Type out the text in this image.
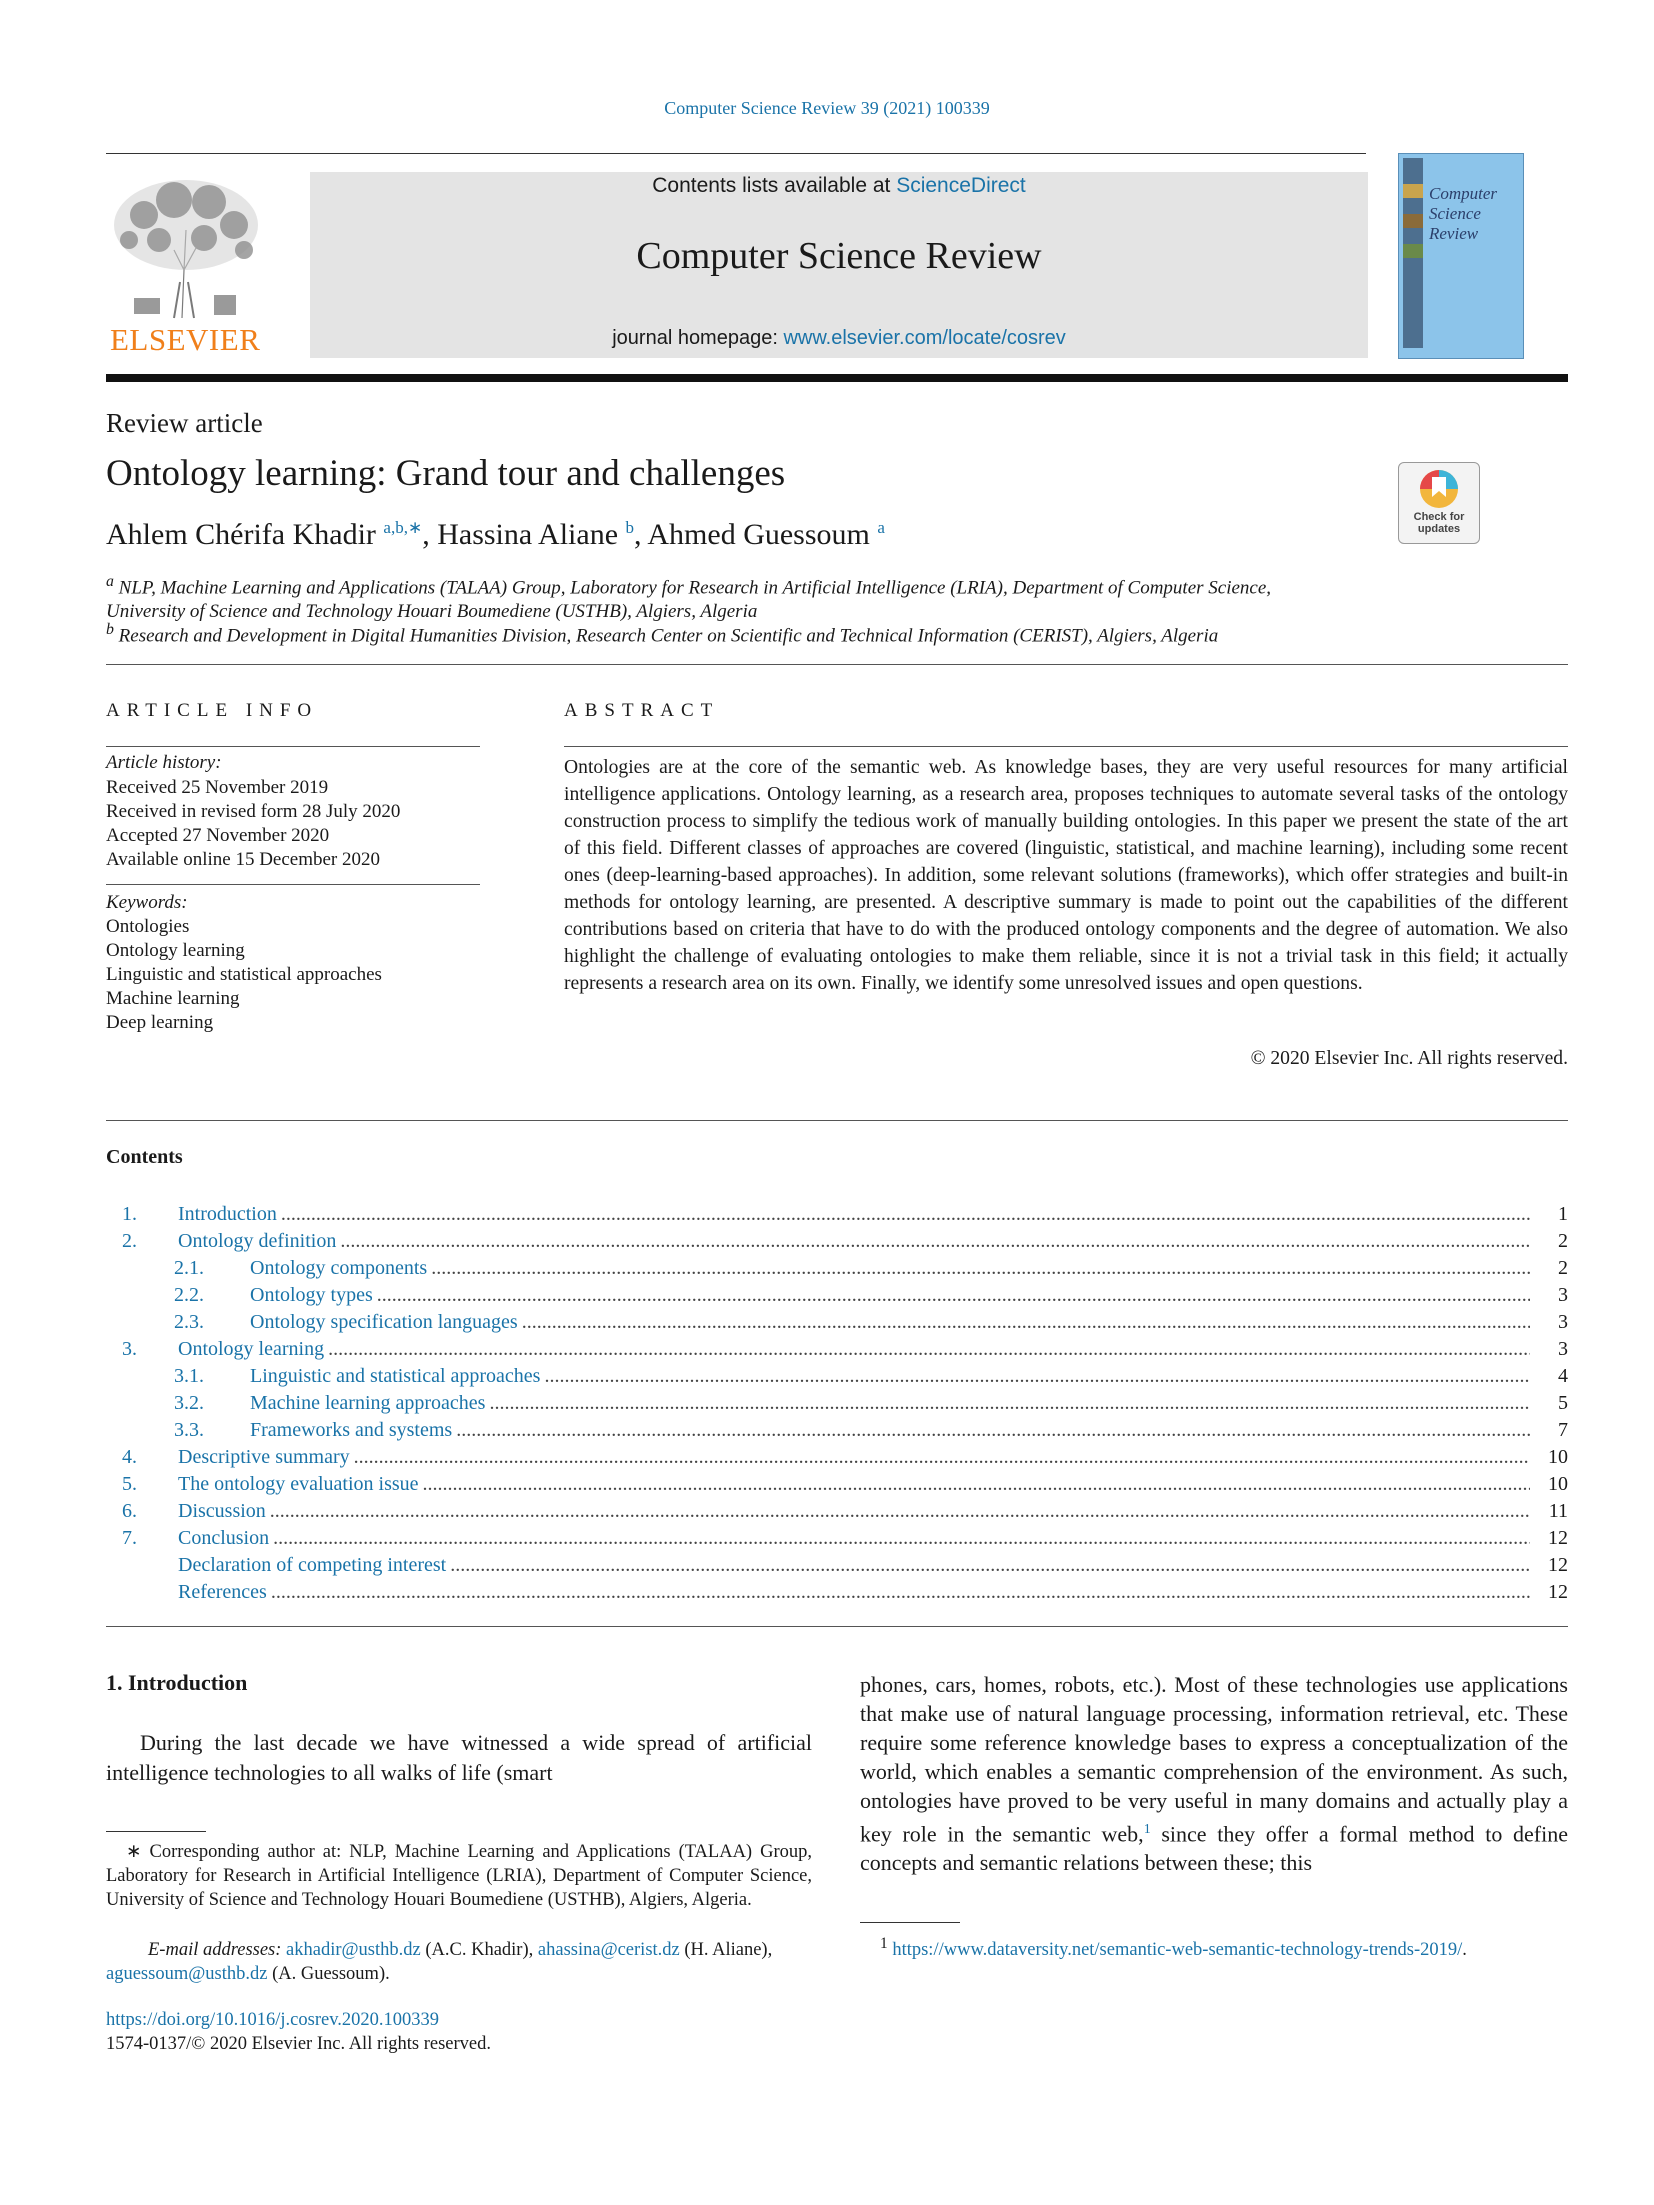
Computer Science Review 39 (2021) 100339
ELSEVIER
Contents lists available at ScienceDirect
Computer Science Review
journal homepage: www.elsevier.com/locate/cosrev
Computer
Science
Review
Review article
Ontology learning: Grand tour and challenges
Ahlem Chérifa Khadir $^{a,b,∗}$, Hassina Aliane $^b$, Ahmed Guessoum $^a$
Check for updates
$^a$ NLP, Machine Learning and Applications (TALAA) Group, Laboratory for Research in Artificial Intelligence (LRIA), Department of Computer Science,
University of Science and Technology Houari Boumediene (USTHB), Algiers, Algeria
$^b$ Research and Development in Digital Humanities Division, Research Center on Scientific and Technical Information (CERIST), Algiers, Algeria
ARTICLE INFO
Article history:
Received 25 November 2019
Received in revised form 28 July 2020
Accepted 27 November 2020
Available online 15 December 2020
Keywords:
Ontologies
Ontology learning
Linguistic and statistical approaches
Machine learning
Deep learning
ABSTRACT
Ontologies are at the core of the semantic web. As knowledge bases, they are very useful resources for many artificial intelligence applications. Ontology learning, as a research area, proposes techniques to automate several tasks of the ontology construction process to simplify the tedious work of manually building ontologies. In this paper we present the state of the art of this field. Different classes of approaches are covered (linguistic, statistical, and machine learning), including some recent ones (deep-learning-based approaches). In addition, some relevant solutions (frameworks), which offer strategies and built-in methods for ontology learning, are presented. A descriptive summary is made to point out the capabilities of the different contributions based on criteria that have to do with the produced ontology components and the degree of automation. We also highlight the challenge of evaluating ontologies to make them reliable, since it is not a trivial task in this field; it actually represents a research area on its own. Finally, we identify some unresolved issues and open questions.
© 2020 Elsevier Inc. All rights reserved.
Contents
1.	Introduction .....	1
2.	Ontology definition .....	2
2.1.	Ontology components .....	2
2.2.	Ontology types .....	3
2.3.	Ontology specification languages .....	3
3.	Ontology learning .....	3
3.1.	Linguistic and statistical approaches .....	4
3.2.	Machine learning approaches .....	5
3.3.	Frameworks and systems .....	7
4.	Descriptive summary .....	10
5.	The ontology evaluation issue .....	10
6.	Discussion .....	11
7.	Conclusion .....	12
Declaration of competing interest .....	12
References .....	12
1. Introduction
During the last decade we have witnessed a wide spread of artificial intelligence technologies to all walks of life (smart
∗ Corresponding author at: NLP, Machine Learning and Applications (TALAA) Group, Laboratory for Research in Artificial Intelligence (LRIA), Department of Computer Science, University of Science and Technology Houari Boumediene (USTHB), Algiers, Algeria.
E-mail addresses: akhadir@usthb.dz (A.C. Khadir), ahassina@cerist.dz (H. Aliane), aguessoum@usthb.dz (A. Guessoum).
https://doi.org/10.1016/j.cosrev.2020.100339
1574-0137/© 2020 Elsevier Inc. All rights reserved.
phones, cars, homes, robots, etc.). Most of these technologies use applications that make use of natural language processing, information retrieval, etc. These require some reference knowledge bases to express a conceptualization of the world, which enables a semantic comprehension of the environment. As such, ontologies have proved to be very useful in many domains and actually play a key role in the semantic web,$^1$ since they offer a formal method to define concepts and semantic relations between these; this
$^1$ https://www.dataversity.net/semantic-web-semantic-technology-trends-2019/.
